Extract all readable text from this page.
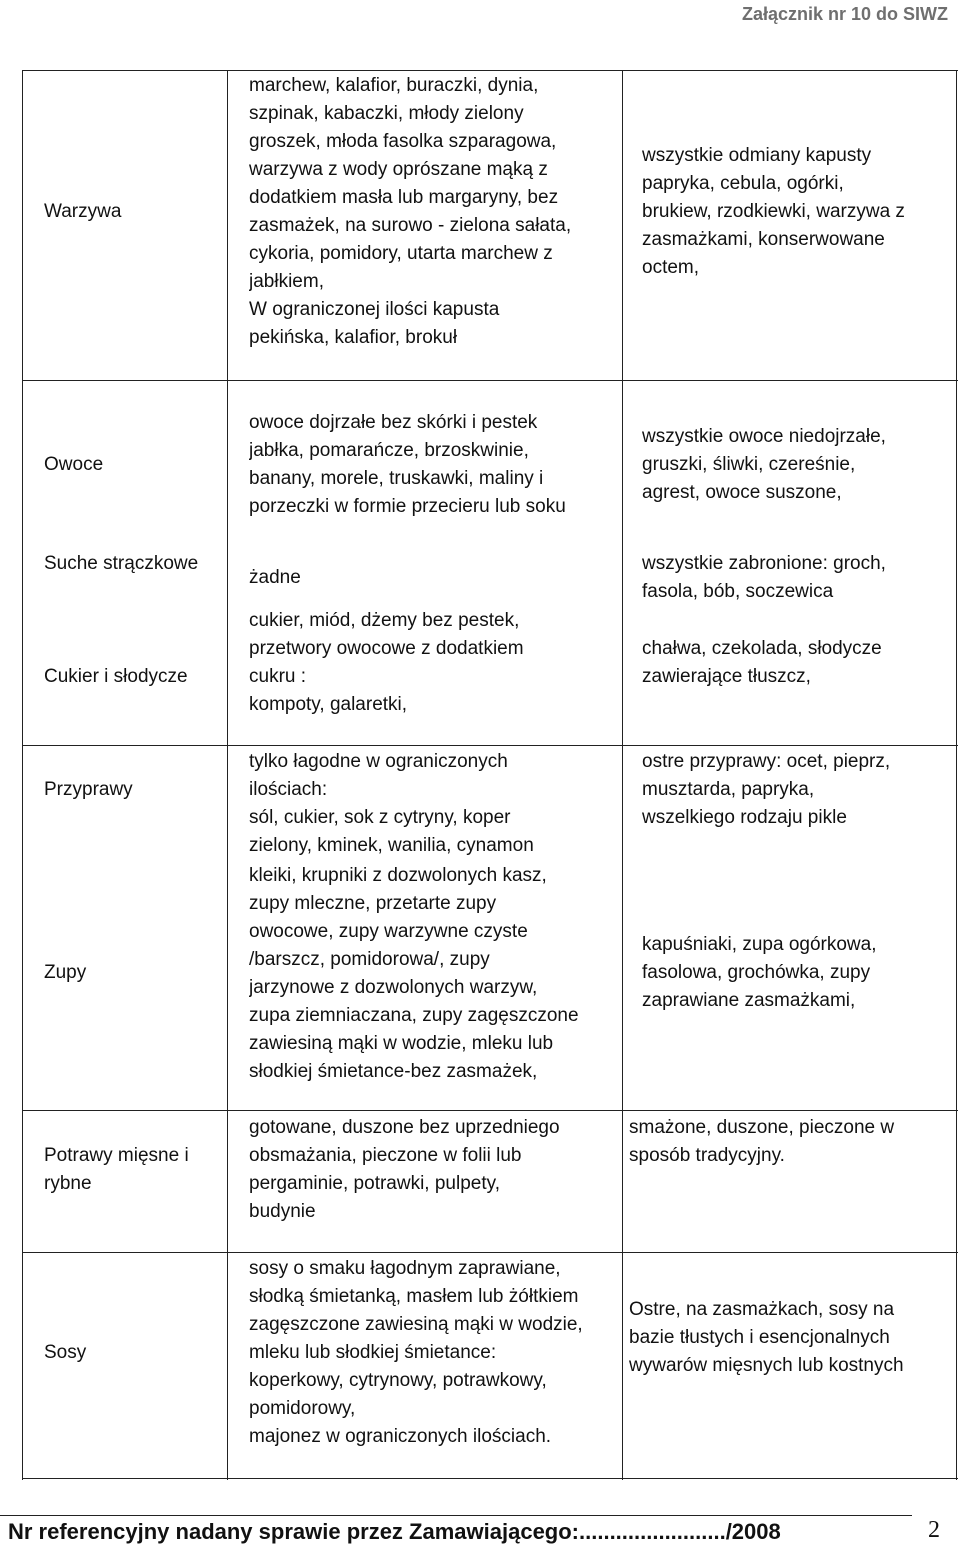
Załącznik nr 10 do SIWZ
Warzywa
marchew, kalafior, buraczki, dynia,
szpinak, kabaczki, młody zielony
groszek, młoda fasolka szparagowa,
warzywa z wody oprószane mąką z
dodatkiem masła lub margaryny, bez
zasmażek, na surowo - zielona sałata,
cykoria, pomidory, utarta marchew z
jabłkiem,
W ograniczonej ilości kapusta
pekińska, kalafior, brokuł
wszystkie odmiany kapusty
papryka, cebula, ogórki,
brukiew, rzodkiewki, warzywa z
zasmażkami, konserwowane
octem,
Owoce
owoce dojrzałe bez skórki i pestek
jabłka, pomarańcze, brzoskwinie,
banany, morele, truskawki, maliny i
porzeczki w formie przecieru lub soku
wszystkie owoce niedojrzałe,
gruszki, śliwki, czereśnie,
agrest, owoce suszone,
Suche strączkowe
żadne
wszystkie zabronione: groch,
fasola, bób, soczewica
Cukier i słodycze
cukier, miód, dżemy bez pestek,
przetwory owocowe z dodatkiem
cukru :
kompoty, galaretki,
chałwa, czekolada, słodycze
zawierające tłuszcz,
Przyprawy
tylko łagodne w ograniczonych
ilościach:
sól, cukier, sok z cytryny, koper
zielony, kminek, wanilia, cynamon
ostre przyprawy: ocet, pieprz,
musztarda, papryka,
wszelkiego rodzaju pikle
Zupy
kleiki, krupniki z dozwolonych kasz,
zupy mleczne, przetarte zupy
owocowe, zupy warzywne czyste
/barszcz, pomidorowa/, zupy
jarzynowe z dozwolonych warzyw,
zupa ziemniaczana, zupy zagęszczone
zawiesiną mąki w wodzie, mleku lub
słodkiej śmietance-bez zasmażek,
kapuśniaki, zupa ogórkowa,
fasolowa, grochówka, zupy
zaprawiane zasmażkami,
Potrawy mięsne i
rybne
gotowane, duszone bez uprzedniego
obsmażania, pieczone w folii lub
pergaminie, potrawki, pulpety,
budynie
smażone, duszone, pieczone w
sposób tradycyjny.
Sosy
sosy o smaku łagodnym zaprawiane,
słodką śmietanką, masłem lub żółtkiem
zagęszczone zawiesiną mąki w wodzie,
mleku lub słodkiej śmietance:
koperkowy, cytrynowy, potrawkowy,
pomidorowy,
majonez w ograniczonych ilościach.
Ostre, na zasmażkach, sosy na
bazie tłustych i esencjonalnych
wywarów mięsnych lub kostnych
Nr referencyjny nadany sprawie przez Zamawiającego:......................../2008	2
